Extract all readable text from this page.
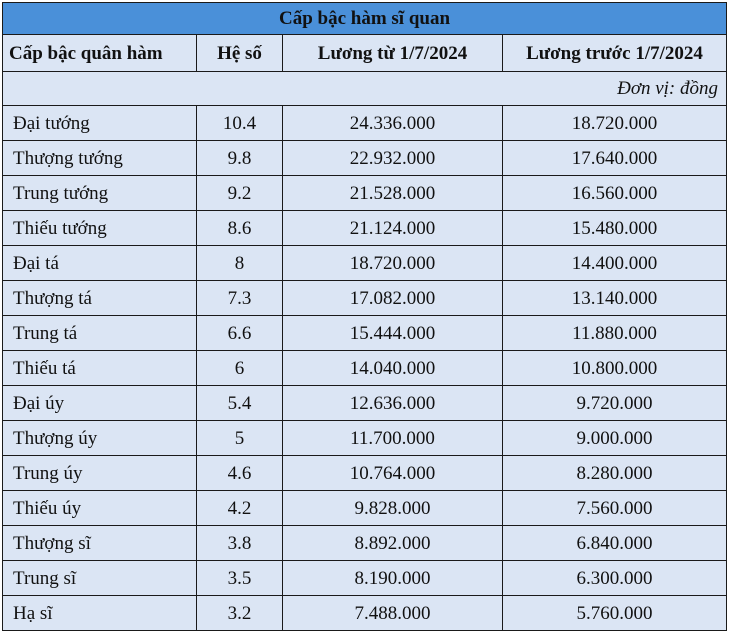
Cấp bậc hàm sĩ quan			
Cấp bậc quân hàm	Hệ số	Lương từ 1/7/2024	Lương trước 1/7/2024
Đơn vị: đồng			
Đại tướng	10.4	24.336.000	18.720.000
Thượng tướng	9.8	22.932.000	17.640.000
Trung tướng	9.2	21.528.000	16.560.000
Thiếu tướng	8.6	21.124.000	15.480.000
Đại tá	8	18.720.000	14.400.000
Thượng tá	7.3	17.082.000	13.140.000
Trung tá	6.6	15.444.000	11.880.000
Thiếu tá	6	14.040.000	10.800.000
Đại úy	5.4	12.636.000	9.720.000
Thượng úy	5	11.700.000	9.000.000
Trung úy	4.6	10.764.000	8.280.000
Thiếu úy	4.2	9.828.000	7.560.000
Thượng sĩ	3.8	8.892.000	6.840.000
Trung sĩ	3.5	8.190.000	6.300.000
Hạ sĩ	3.2	7.488.000	5.760.000
